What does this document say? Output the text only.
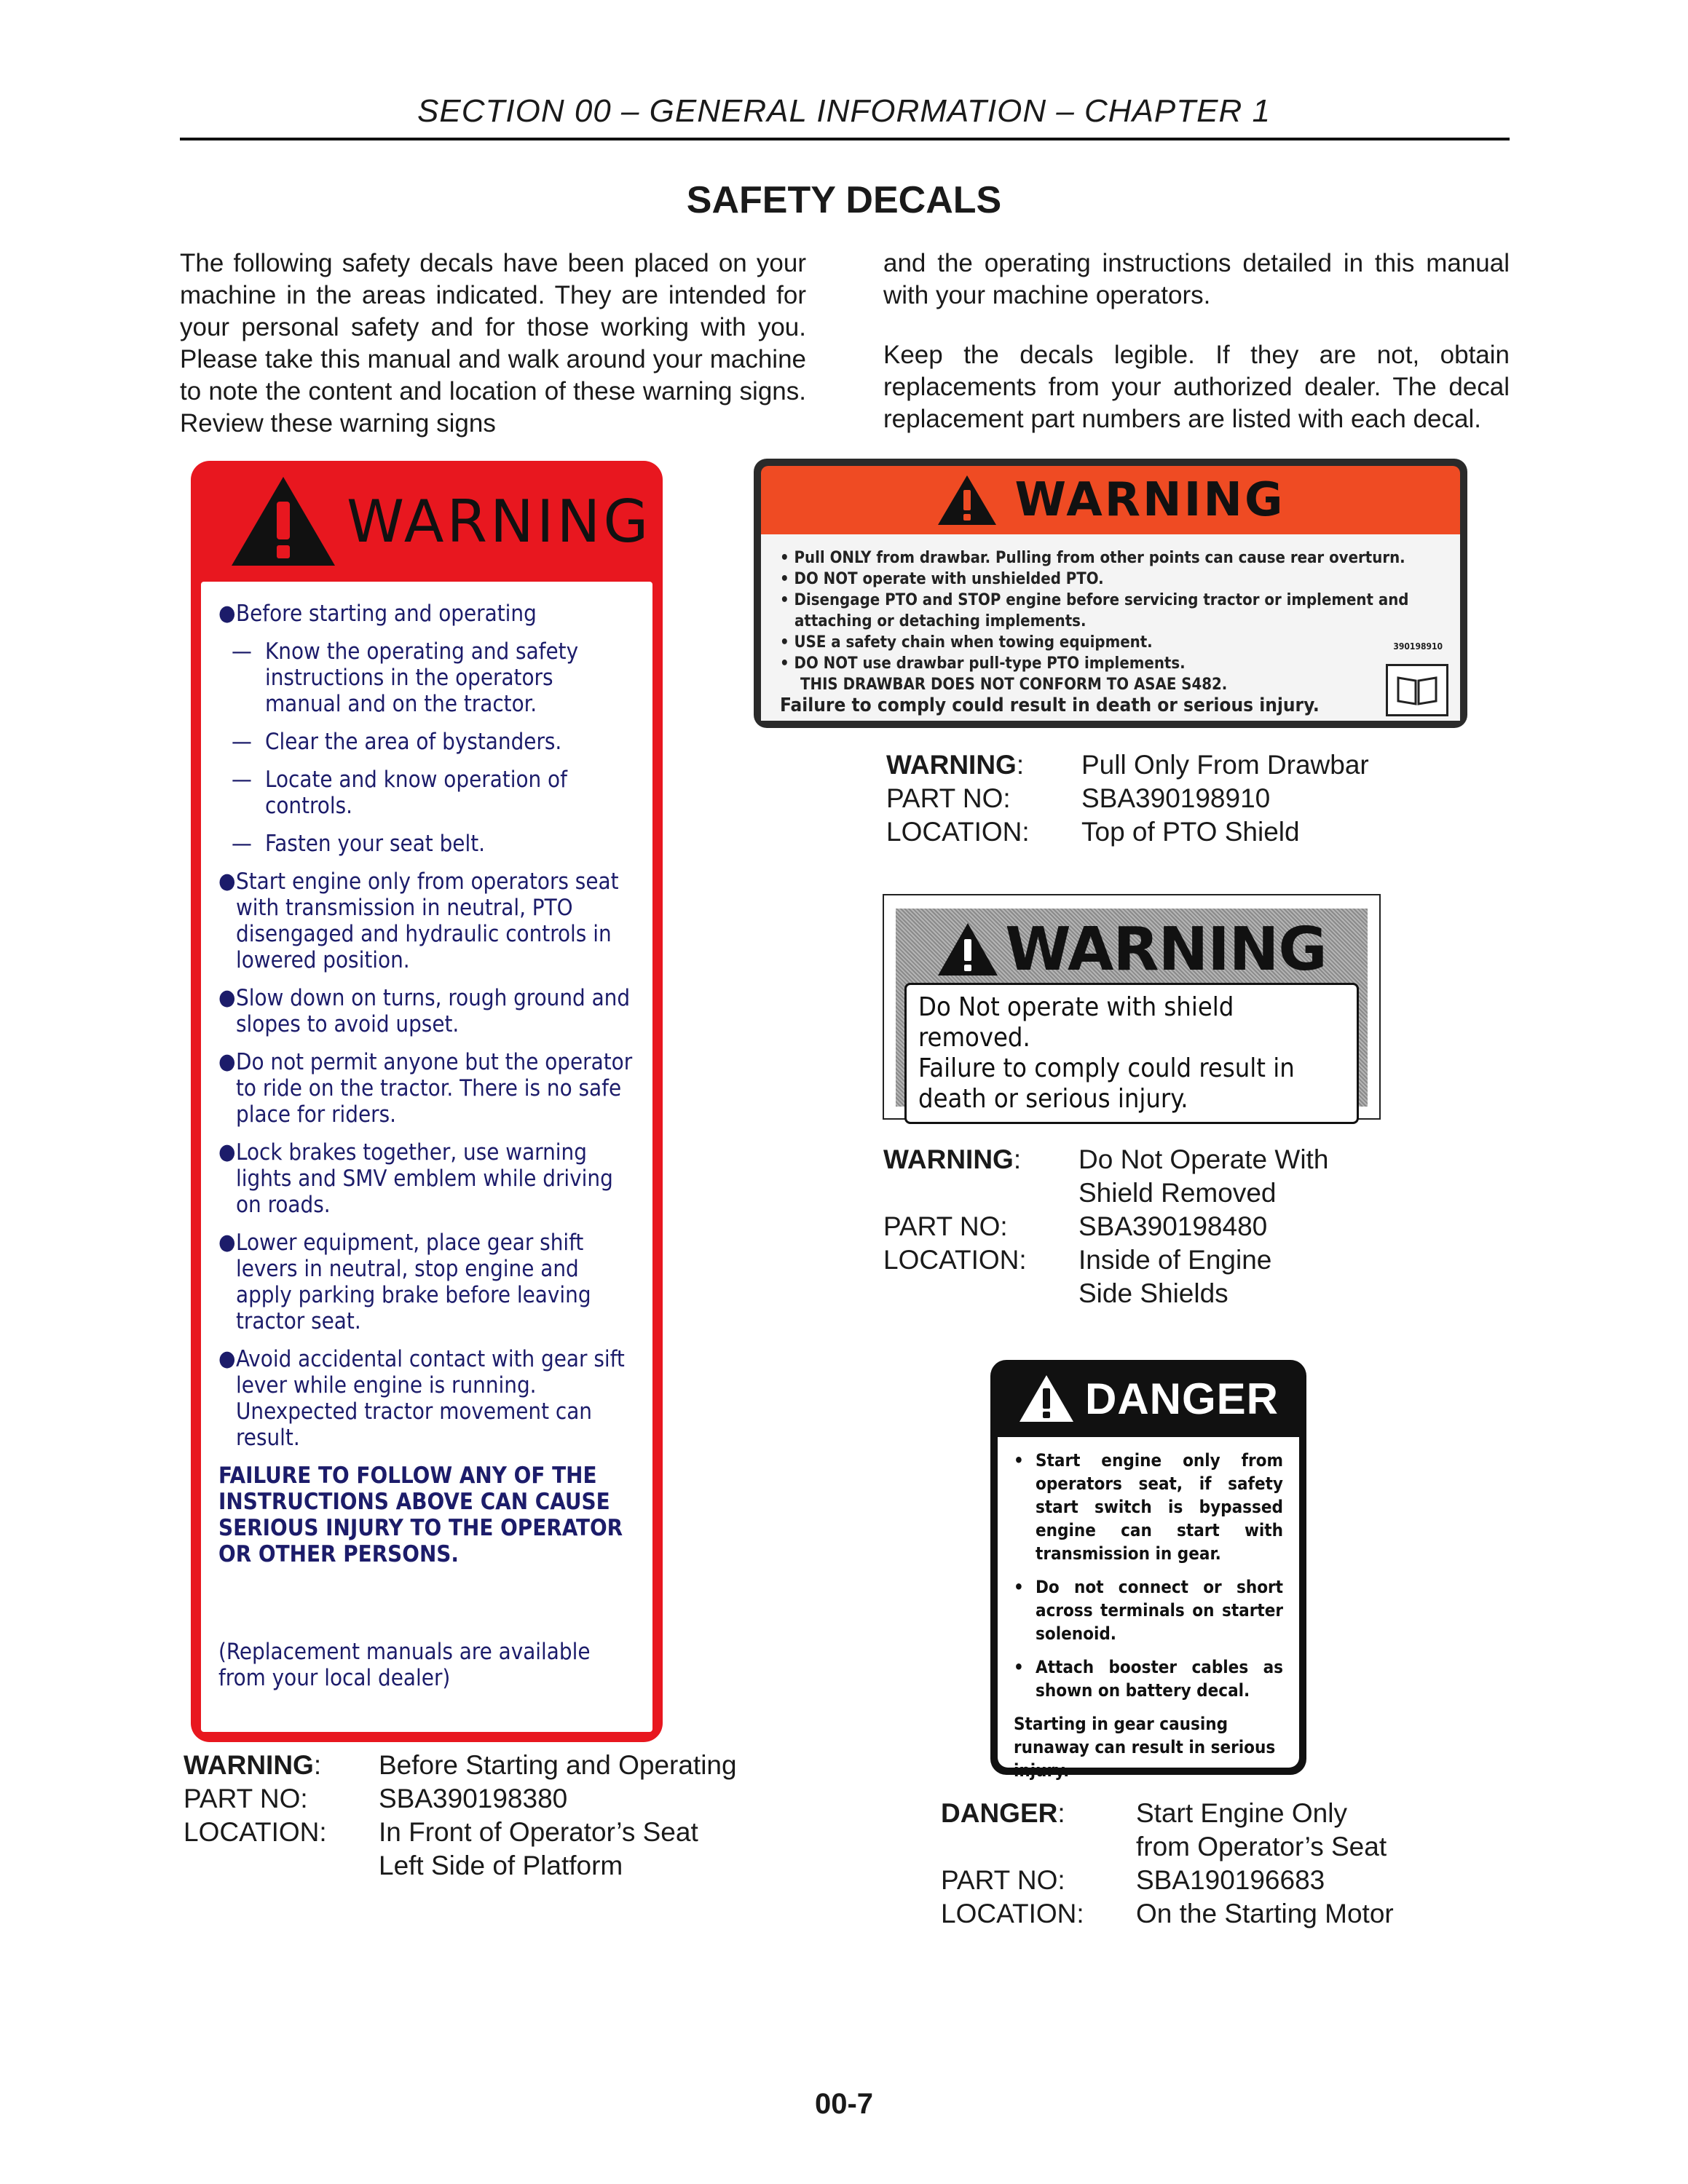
SECTION 00 – GENERAL INFORMATION – CHAPTER 1
SAFETY DECALS

The following safety decals have been placed on your machine in the areas indicated. They are intended for your personal safety and for those working with you. Please take this manual and walk around your machine to note the content and location of these warning signs. Review these warning signs

and the operating instructions detailed in this manual with your machine operators.

Keep the decals legible. If they are not, obtain replacements from your authorized dealer. The decal replacement part numbers are listed with each decal.

WARNING
● Before starting and operating
— Know the operating and safety instructions in the operators manual and on the tractor.
— Clear the area of bystanders.
— Locate and know operation of controls.
— Fasten your seat belt.
● Start engine only from operators seat with transmission in neutral, PTO disengaged and hydraulic controls in lowered position.
● Slow down on turns, rough ground and slopes to avoid upset.
● Do not permit anyone but the operator to ride on the tractor. There is no safe place for riders.
● Lock brakes together, use warning lights and SMV emblem while driving on roads.
● Lower equipment, place gear shift levers in neutral, stop engine and apply parking brake before leaving tractor seat.
● Avoid accidental contact with gear sift lever while engine is running. Unexpected tractor movement can result.
FAILURE TO FOLLOW ANY OF THE INSTRUCTIONS ABOVE CAN CAUSE SERIOUS INJURY TO THE OPERATOR OR OTHER PERSONS.
(Replacement manuals are available from your local dealer)
WARNING:	Before Starting and Operating
PART NO:	SBA390198380
LOCATION:	In Front of Operator’s Seat
Left Side of Platform
WARNING
• Pull ONLY from drawbar. Pulling from other points can cause rear overturn.
• DO NOT operate with unshielded PTO.
• Disengage PTO and STOP engine before servicing tractor or implement and
attaching or detaching implements.
• USE a safety chain when towing equipment.
• DO NOT use drawbar pull-type PTO implements.
THIS DRAWBAR DOES NOT CONFORM TO ASAE S482.
Failure to comply could result in death or serious injury.
390198910
WARNING:	Pull Only From Drawbar
PART NO:	SBA390198910
LOCATION:	Top of PTO Shield
WARNING
Do Not operate with shield removed.
Failure to comply could result in
death or serious injury.
WARNING:	Do Not Operate With
Shield Removed
PART NO:	SBA390198480
LOCATION:	Inside of Engine
Side Shields
DANGER
• Start engine only from operators seat, if safety start switch is bypassed engine can start with transmission in gear.
• Do not connect or short across terminals on starter solenoid.
• Attach booster cables as shown on battery decal.
Starting in gear causing runaway can result in serious injury.
DANGER:	Start Engine Only
from Operator’s Seat
PART NO:	SBA190196683
LOCATION:	On the Starting Motor
00-7
